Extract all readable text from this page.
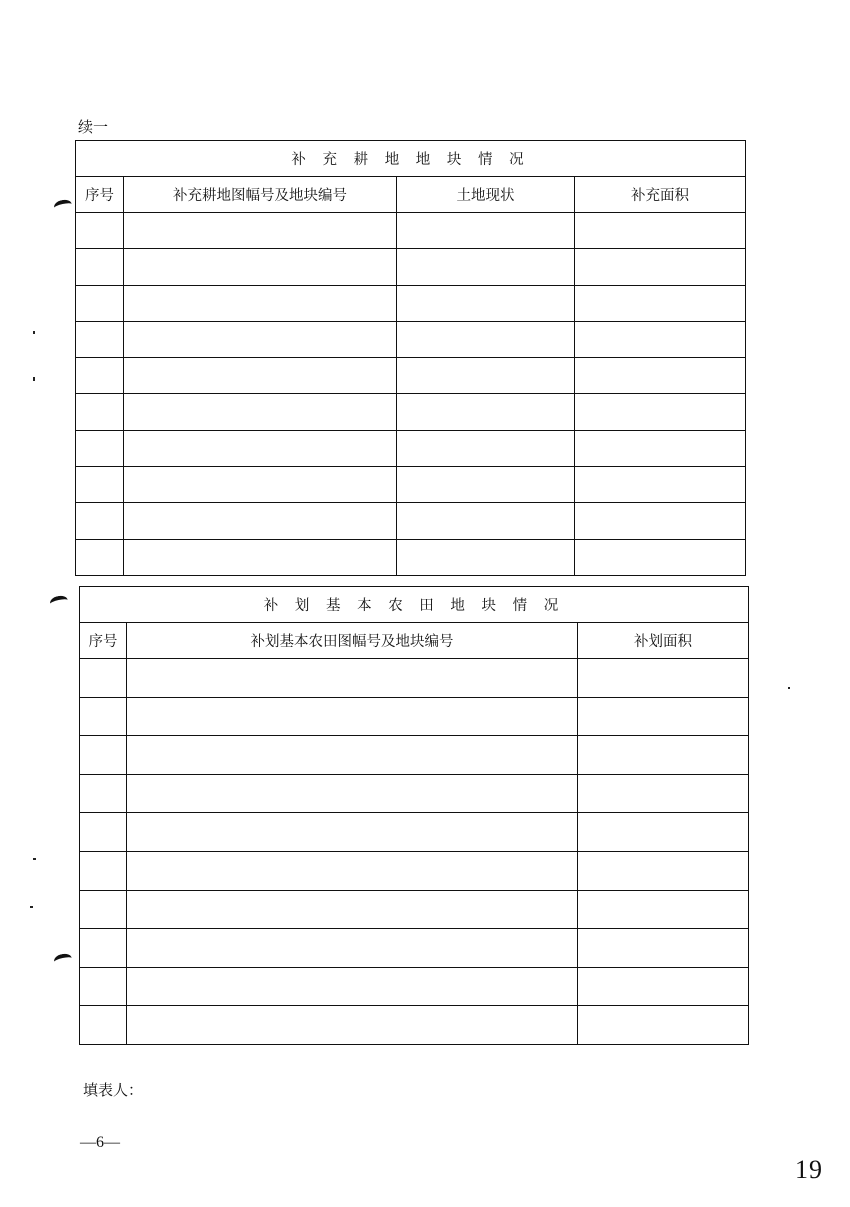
续一
补 充 耕 地 地 块 情 况			
序号	补充耕地图幅号及地块编号	土地现状	补充面积

补 划 基 本 农 田 地 块 情 况		
序号	补划基本农田图幅号及地块编号	补划面积

填表人：
—6—
19
